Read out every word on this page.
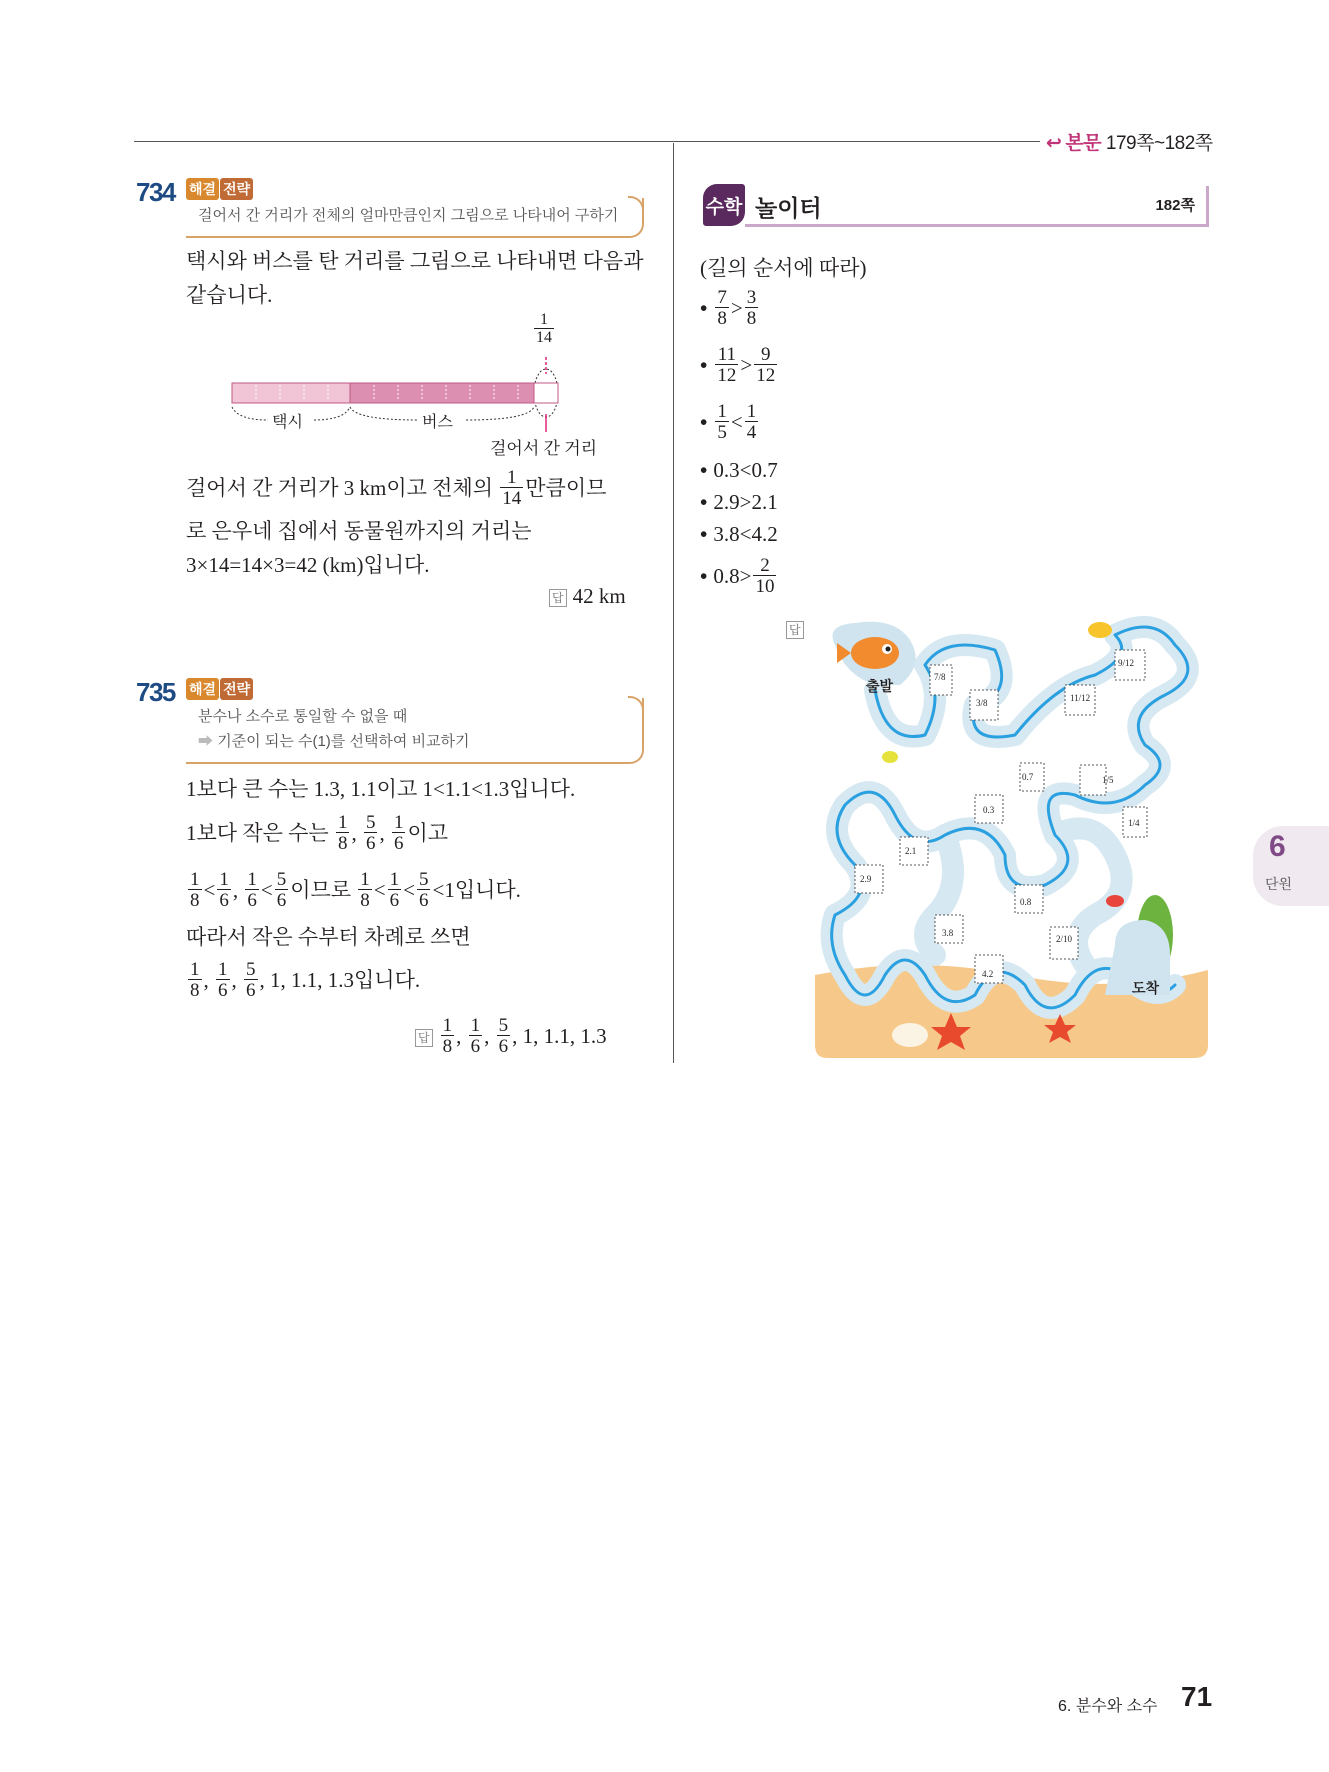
↩ 본문 179쪽~182쪽
734 해결 전략
걸어서 간 거리가 전체의 얼마만큼인지 그림으로 나타내어 구하기
택시와 버스를 탄 거리를 그림으로 나타내면 다음과
같습니다.
$\frac{1}{14}$
택시	버스
걸어서 간 거리
걸어서 간 거리가 3 km이고 전체의 $\frac{1}{14}$ 만큼이므
로 은우네 집에서 동물원까지의 거리는
3×14=14×3=42 (km)입니다.
답 42 km
735 해결 전략
분수나 소수로 통일할 수 없을 때
➡ 기준이 되는 수(1)를 선택하여 비교하기
1보다 큰 수는 1.3, 1.1이고 1<1.1<1.3입니다.
1보다 작은 수는 $\frac{1}{8}$ , $\frac{5}{6}$ , $\frac{1}{6}$ 이고
$\frac{1}{8} < \frac{1}{6}$ , $\frac{1}{6} < \frac{5}{6}$ 이므로 $\frac{1}{8} < \frac{1}{6} < \frac{5}{6} <1$입니다.
따라서 작은 수부터 차례로 쓰면
$\frac{1}{8}$ , $\frac{1}{6}$ , $\frac{5}{6}$ , 1, 1.1, 1.3입니다.
답 $\frac{1}{8}$ , $\frac{1}{6}$ , $\frac{5}{6}$ , 1, 1.1, 1.3
수학 놀이터	182쪽
(길의 순서에 따라)
• $\frac{7}{8} > \frac{3}{8}$
• $\frac{11}{12} > \frac{9}{12}$
• $\frac{1}{5} < \frac{1}{4}$
• 0.3<0.7
• 2.9>2.1
• 3.8<4.2
• $0.8> \frac{2}{10}$
답
출발
도착
7/8
3/8	11/12
9/12
0.7	1/5
0.3
1/4
2.1
2.9
0.8
3.8
2/10
4.2
6
단원
6. 분수와 소수 71
